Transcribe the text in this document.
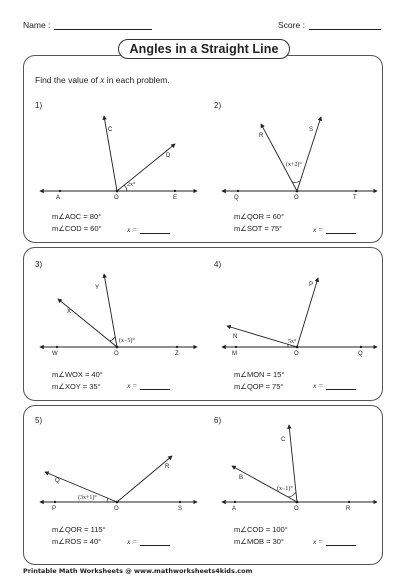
Name :	Score :
Angles in a Straight Line
Find the value of x in each problem.
1)	2)
3)	4)
5)	6)
A	O	E
C
D
2x°
Q	O	T
R
S
(x+2)°
W	O	Z
X
Y
(x−5)°
M	O	Q
N
P
5x°
P	O	S
Q
R
(3x+1)°
A	O	R
B
C
(x−1)°
m∠AOC = 80°
m∠COD = 60°	x =
m∠QOR = 60°
m∠SOT = 75°	x =
m∠WOX = 40°
m∠XOY = 35°	x =
m∠MON = 15°
m∠QOP = 75°	x =
m∠QOR = 115°
m∠ROS = 40°	x =
m∠COD = 100°
m∠MOB = 30°	x =
Printable Math Worksheets @ www.mathworksheets4kids.com
